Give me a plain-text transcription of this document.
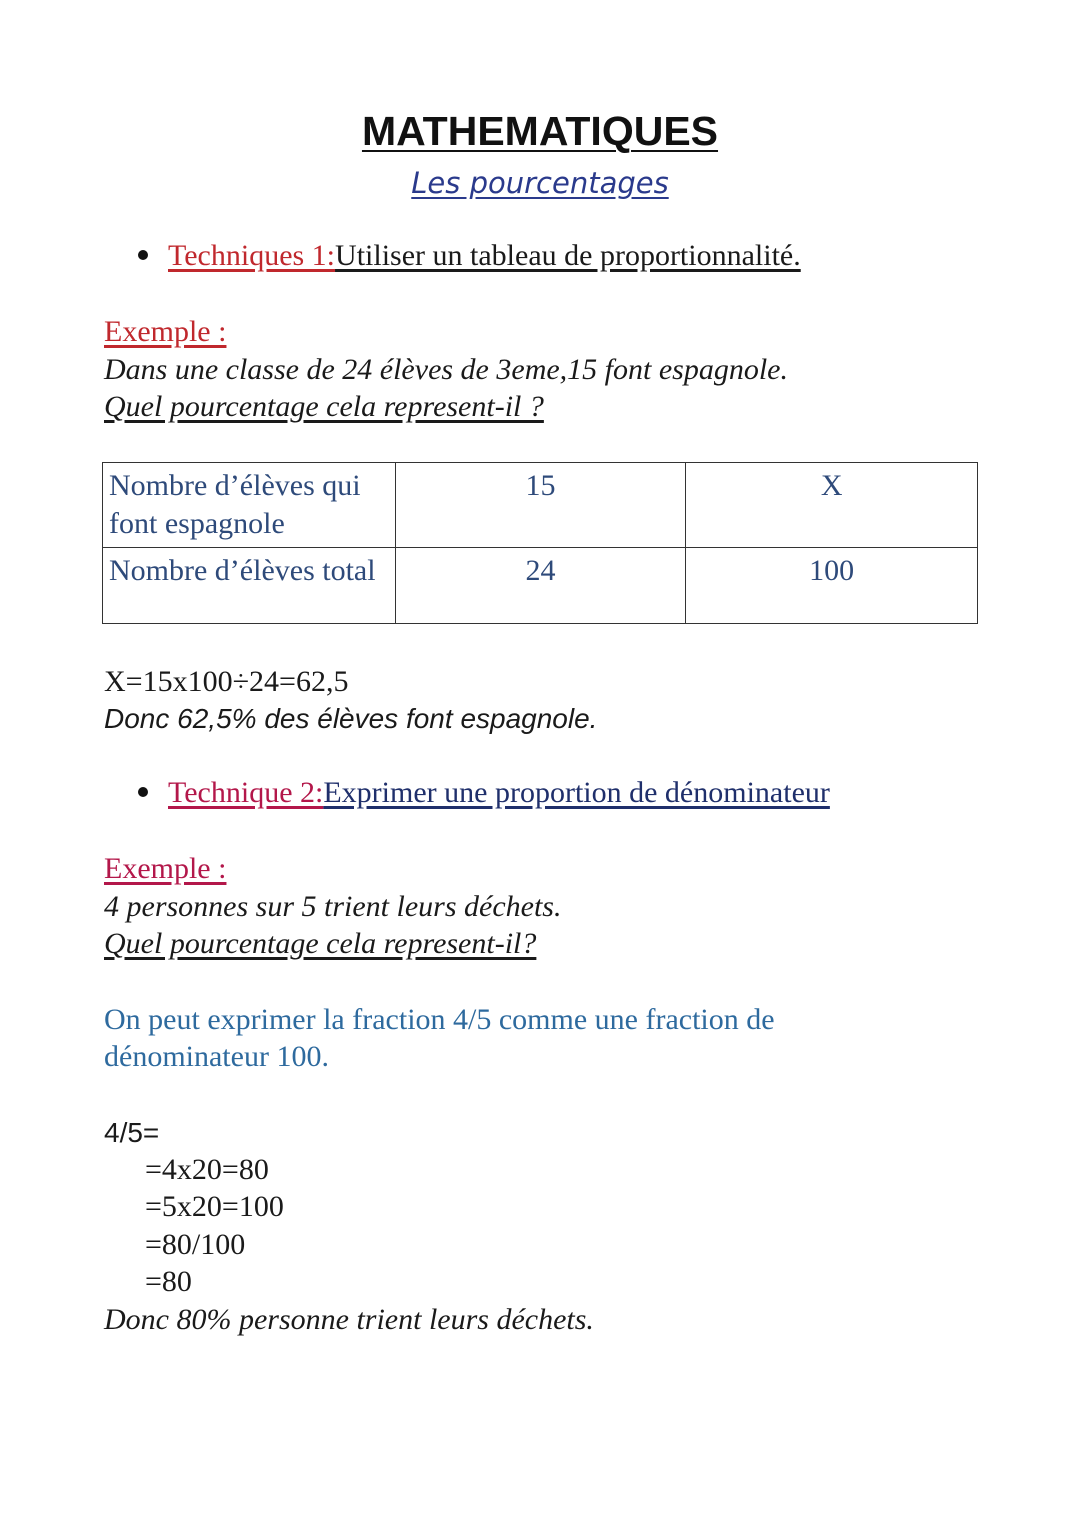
MATHEMATIQUES
Les pourcentages
Techniques 1:Utiliser un tableau de proportionnalité.
Exemple :
Dans une classe de 24 élèves de 3eme,15 font espagnole.
Quel pourcentage cela represent-il ?
Nombre d’élèves qui font espagnole	15	X
Nombre d’élèves total	24	100
X=15x100÷24=62,5
Donc 62,5% des élèves font espagnole.
Technique 2:Exprimer une proportion de dénominateur
Exemple :
4 personnes sur 5 trient leurs déchets.
Quel pourcentage cela represent-il?
On peut exprimer la fraction 4/5 comme une fraction de
dénominateur 100.
4/5=
=4x20=80
=5x20=100
=80/100
=80
Donc 80% personne trient leurs déchets.
